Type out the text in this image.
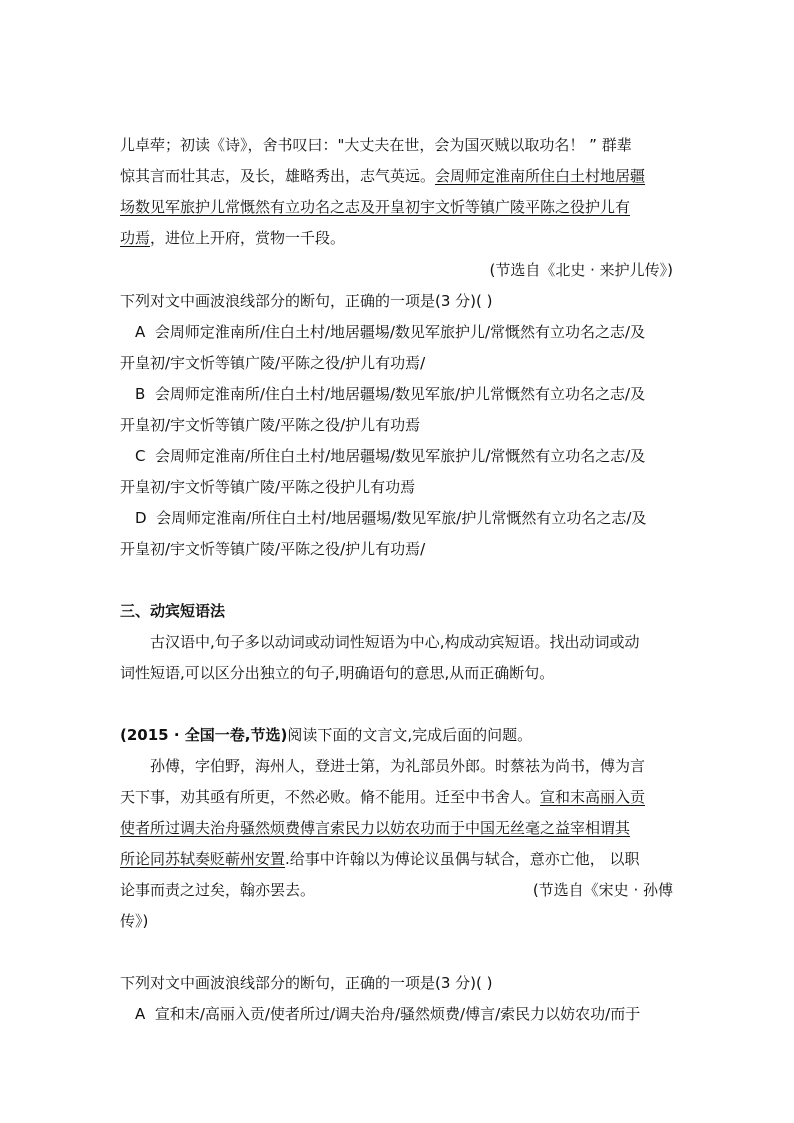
儿卓荦；初读《诗》，舍书叹曰："大丈夫在世，会为国灭贼以取功名！ ” 群辈
惊其言而壮其志，及长，雄略秀出，志气英远。会周师定淮南所住白土村地居疆
场数见军旅护儿常慨然有立功名之志及开皇初宇文忻等镇广陵平陈之役护儿有
功焉，进位上开府，赏物一千段。
(节选自《北史 · 来护儿传》)
下列对文中画波浪线部分的断句，正确的一项是(3 分)( )
A 会周师定淮南所/住白土村/地居疆埸/数见军旅护儿/常慨然有立功名之志/及
开皇初/宇文忻等镇广陵/平陈之役/护儿有功焉/
B 会周师定淮南所/住白土村/地居疆埸/数见军旅/护儿常慨然有立功名之志/及
开皇初/宇文忻等镇广陵/平陈之役/护儿有功焉
C 会周师定淮南/所住白土村/地居疆埸/数见军旅护儿/常慨然有立功名之志/及
开皇初/宇文忻等镇广陵/平陈之役护儿有功焉
D 会周师定淮南/所住白土村/地居疆埸/数见军旅/护儿常慨然有立功名之志/及
开皇初/宇文忻等镇广陵/平陈之役/护儿有功焉/
三、动宾短语法
古汉语中,句子多以动词或动词性短语为中心,构成动宾短语。找出动词或动
词性短语,可以区分出独立的句子,明确语句的意思,从而正确断句。
(2015 · 全国一卷,节选)阅读下面的文言文,完成后面的问题。
孙傅，字伯野，海州人，登进士第，为礼部员外郎。时蔡祛为尚书，傅为言
天下事，劝其亟有所更，不然必败。脩不能用。迁至中书舍人。宣和末高丽入贡
使者所过调夫治舟骚然烦费傅言索民力以妨农功而于中国无丝毫之益宰相谓其
所论同苏轼奏贬蕲州安置.给事中许翰以为傅论议虽偶与轼合，意亦亡他， 以职
论事而责之过矣，翰亦罢去。	(节选自《宋史 · 孙傅
传》)
下列对文中画波浪线部分的断句，正确的一项是(3 分)( )
A 宣和末/高丽入贡/使者所过/调夫治舟/骚然烦费/傅言/索民力以妨农功/而于
